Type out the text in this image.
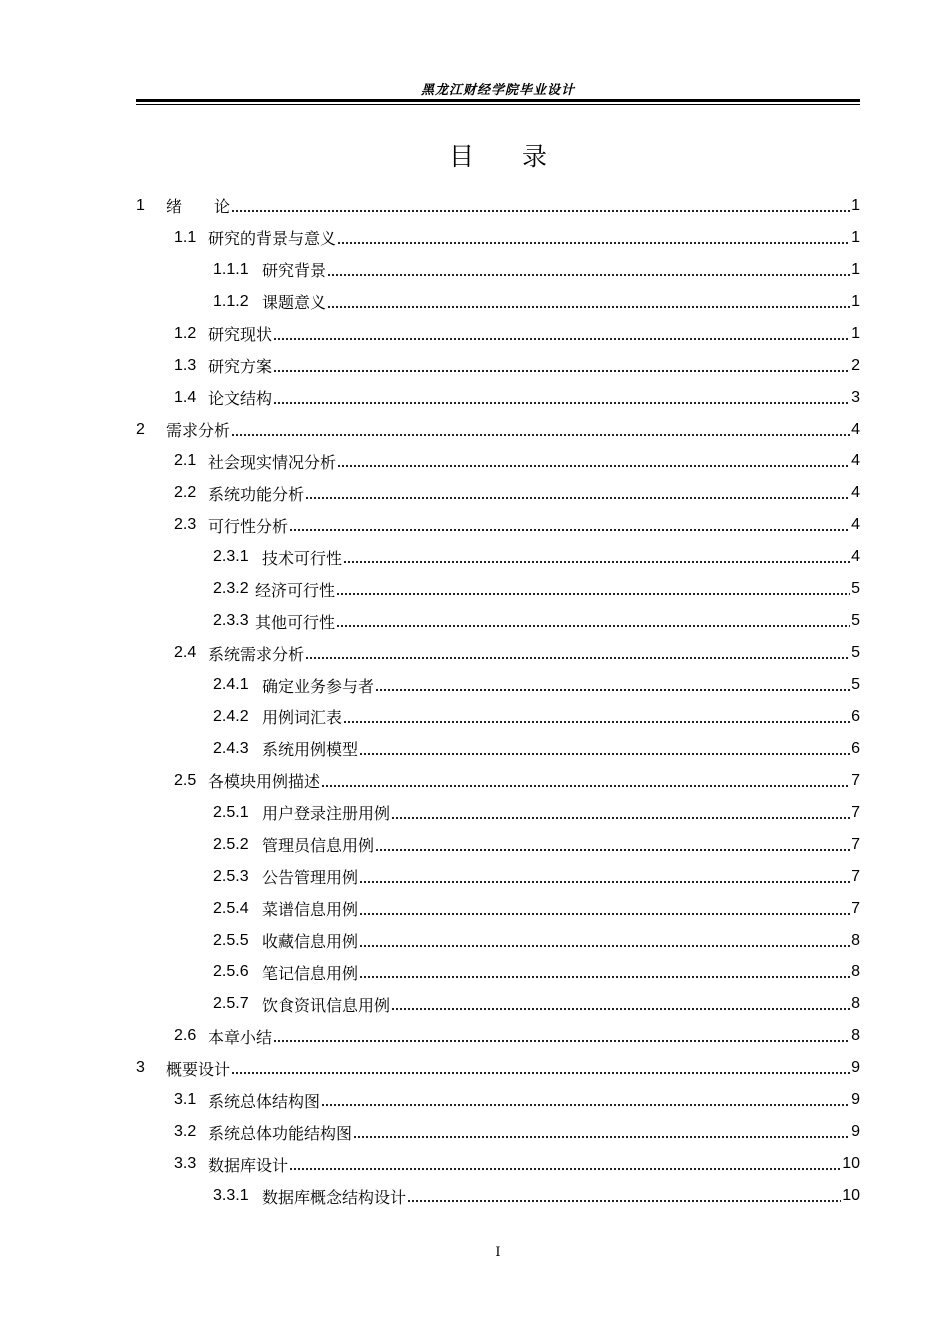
黑龙江财经学院毕业设计
目录
1	绪　　论	1
1.1 研究的背景与意义	1
1.1.1 研究背景	1
1.1.2 课题意义	1
1.2 研究现状	1
1.3 研究方案	2
1.4 论文结构	3
2	需求分析	4
2.1 社会现实情况分析	4
2.2 系统功能分析	4
2.3 可行性分析	4
2.3.1 技术可行性	4
2.3.2 经济可行性	5
2.3.3 其他可行性	5
2.4 系统需求分析	5
2.4.1 确定业务参与者	5
2.4.2 用例词汇表	6
2.4.3 系统用例模型	6
2.5 各模块用例描述	7
2.5.1 用户登录注册用例	7
2.5.2 管理员信息用例	7
2.5.3 公告管理用例	7
2.5.4 菜谱信息用例	7
2.5.5 收藏信息用例	8
2.5.6 笔记信息用例	8
2.5.7 饮食资讯信息用例	8
2.6 本章小结	8
3	概要设计	9
3.1 系统总体结构图	9
3.2 系统总体功能结构图	9
3.3 数据库设计	10
3.3.1 数据库概念结构设计	10
I
